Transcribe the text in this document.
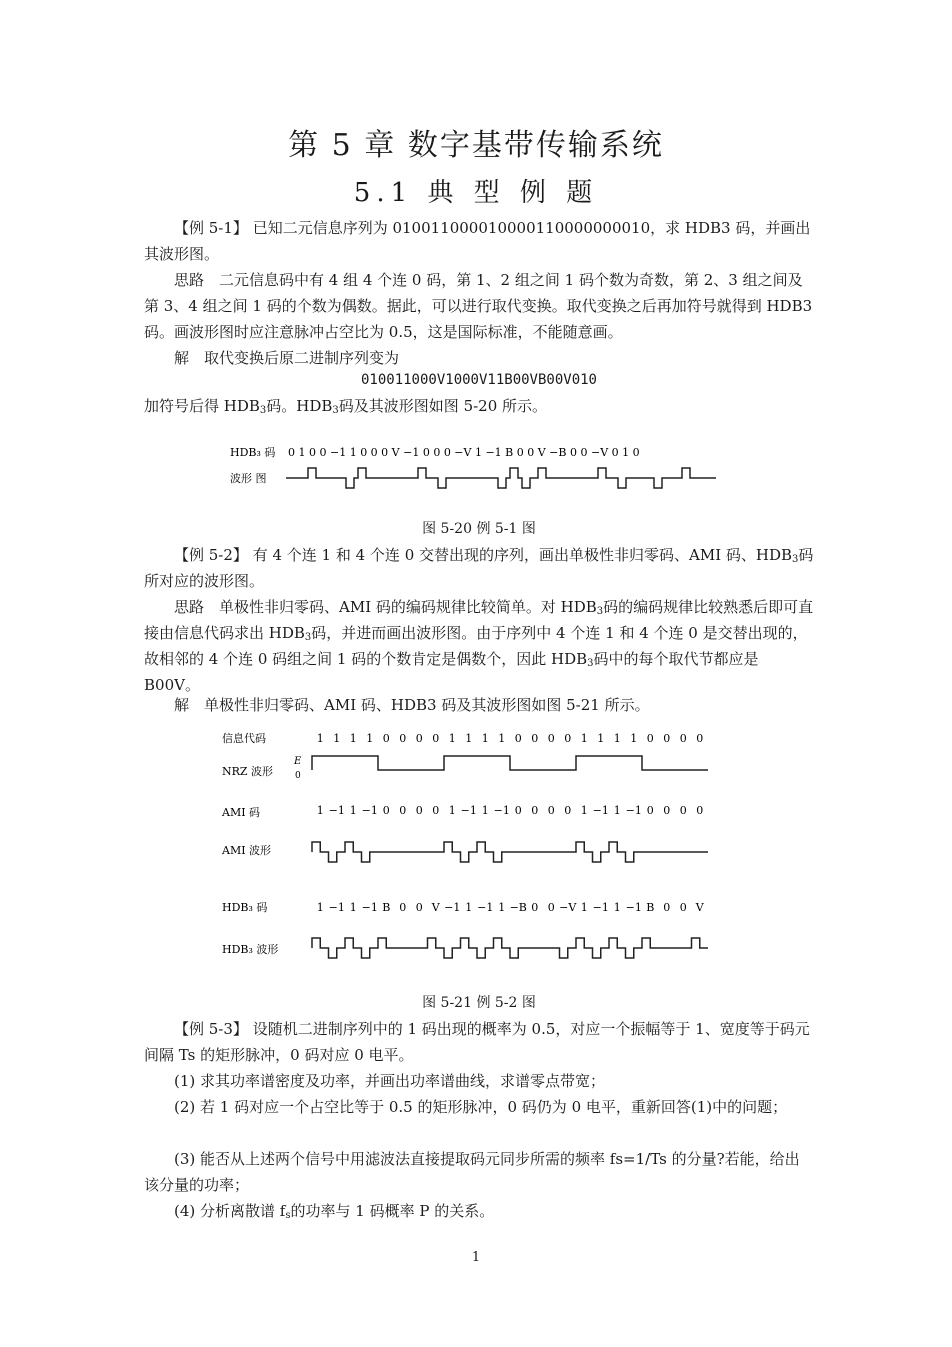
第 5 章 数字基带传输系统
5.1 典 型 例 题

【例 5-1】 已知二元信息序列为 010011000010000110000000010，求 HDB3 码，并画出其波形图。

思路　二元信息码中有 4 组 4 个连 0 码，第 1、2 组之间 1 码个数为奇数，第 2、3 组之间及第 3、4 组之间 1 码的个数为偶数。据此，可以进行取代变换。取代变换之后再加符号就得到 HDB3 码。画波形图时应注意脉冲占空比为 0.5，这是国际标准，不能随意画。

解　取代变换后原二进制序列变为

010011000V1000V11B00VB00V010

加符号后得 $HDB_3$码。$HDB_3$码及其波形图如图 5-20 所示。

HDB₃ 码 0 1 0 0 −1 1 0 0 0 V −1 0 0 0 −V 1 −1 B 0 0 V −B 0 0 −V 0 1 0
波形 图
图 5-20 例 5-1 图

【例 5-2】 有 4 个连 1 和 4 个连 0 交替出现的序列，画出单极性非归零码、AMI 码、$HDB_3$码所对应的波形图。

思路　单极性非归零码、AMI 码的编码规律比较简单。对 $HDB_3$码的编码规律比较熟悉后即可直接由信息代码求出 $HDB_3$码，并进而画出波形图。由于序列中 4 个连 1 和 4 个连 0 是交替出现的，故相邻的 4 个连 0 码组之间 1 码的个数肯定是偶数个，因此 $HDB_3$码中的每个取代节都应是 B00V。

解　单极性非归零码、AMI 码、HDB3 码及其波形图如图 5-21 所示。

信息代码	1 1 1 1 0 0 0 0 1 1 1 1 0 0 0 0 1 1 1 1 0 0 0 0
E
0
NRZ 波形
AMI 码	1 −1 1 −1 0 0 0 0 1 −1 1 −1 0 0 0 0 1 −1 1 −1 0 0 0 0
AMI 波形
HDB₃ 码	1 −1 1 −1 B 0 0 V −1 1 −1 1 −B 0 0 −V 1 −1 1 −1 B 0 0 V
HDB₃ 波形
图 5-21 例 5-2 图

【例 5-3】 设随机二进制序列中的 1 码出现的概率为 0.5，对应一个振幅等于 1、宽度等于码元间隔 Ts 的矩形脉冲，0 码对应 0 电平。

(1) 求其功率谱密度及功率，并画出功率谱曲线，求谱零点带宽；

(2) 若 1 码对应一个占空比等于 0.5 的矩形脉冲，0 码仍为 0 电平，重新回答(1)中的问题；

(3) 能否从上述两个信号中用滤波法直接提取码元同步所需的频率 fs=1/Ts 的分量?若能，给出该分量的功率；

(4) 分析离散谱 $f_s$的功率与 1 码概率 P 的关系。

1
